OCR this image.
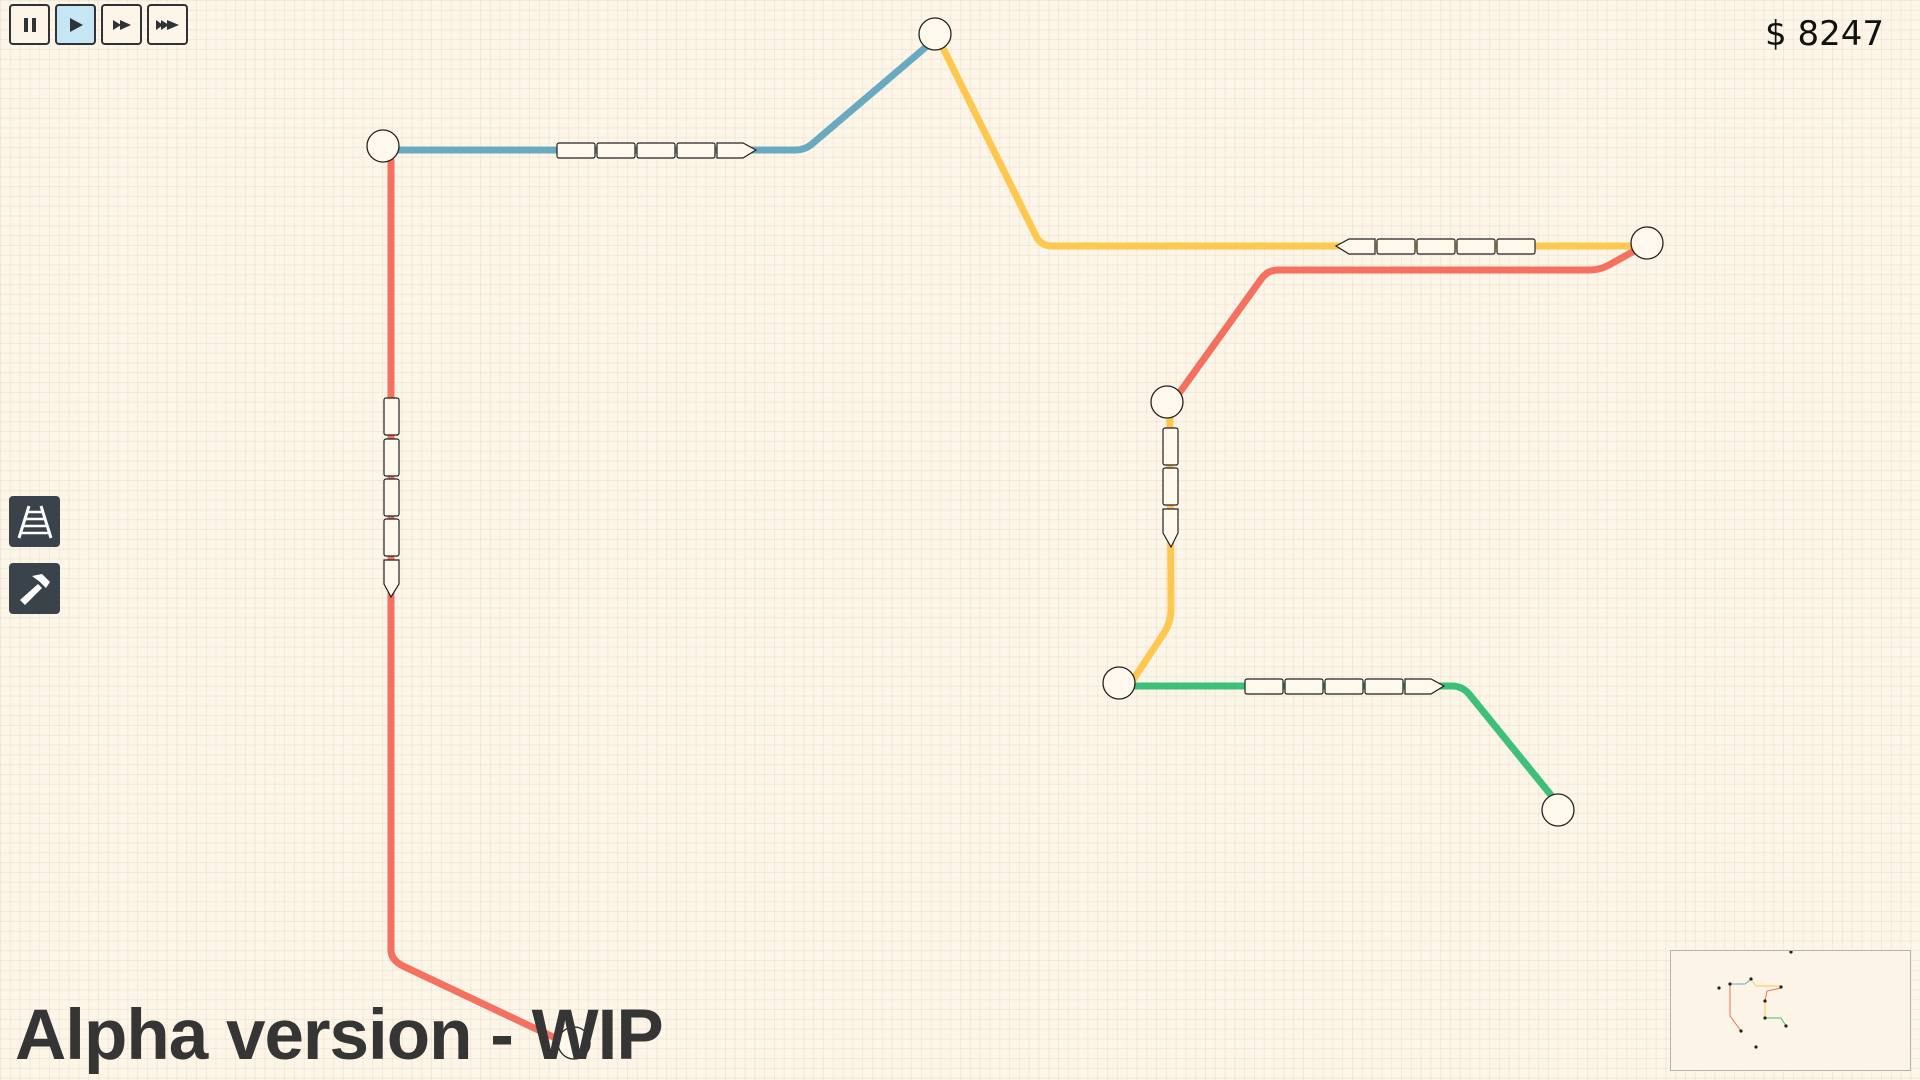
$ 8247
Alpha version - WIP
